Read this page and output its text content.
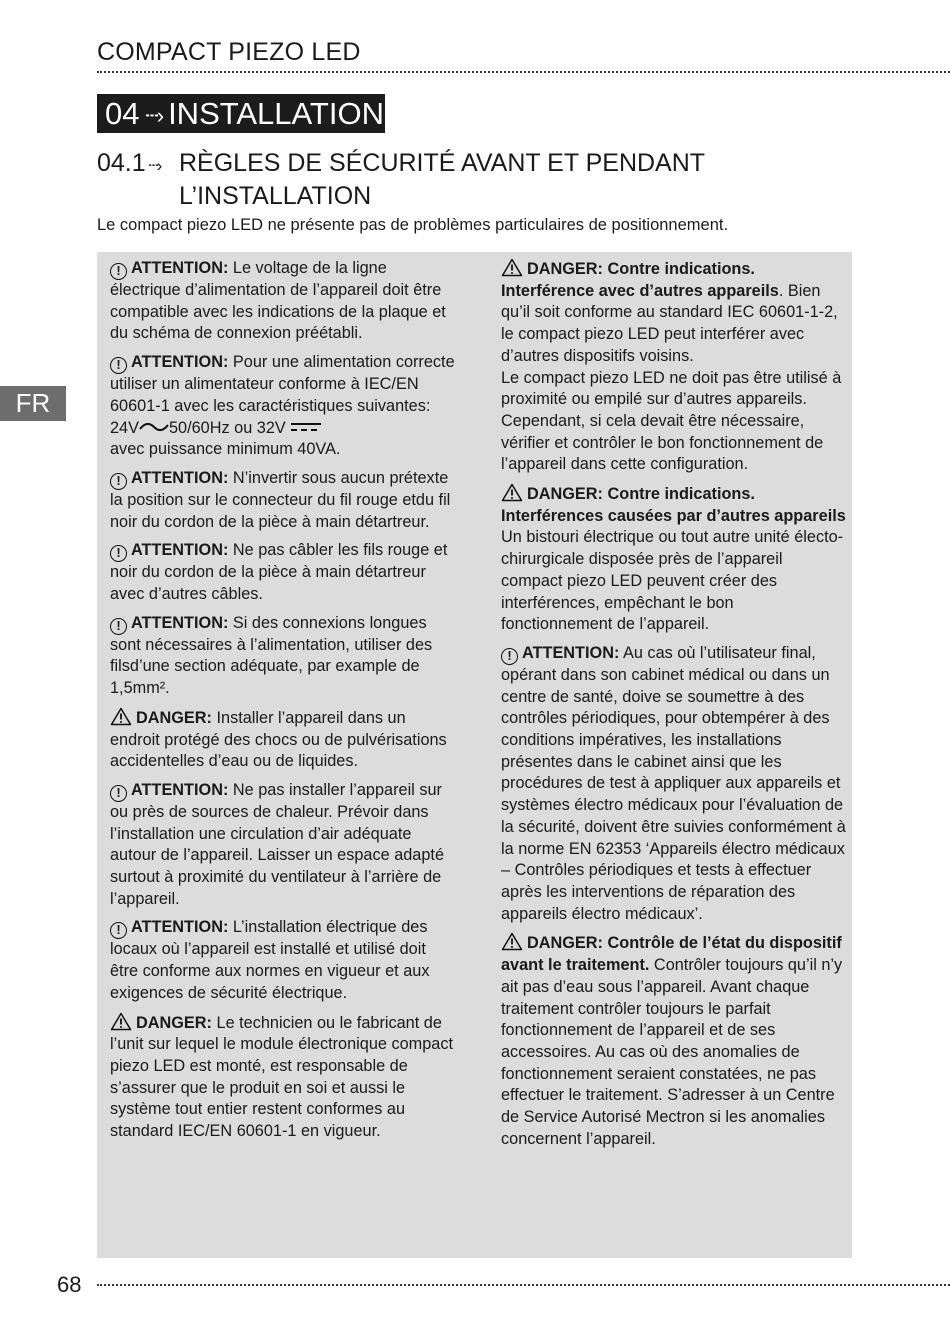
COMPACT PIEZO LED
04 ┄› INSTALLATION
04.1 ┄› RÈGLES DE SÉCURITÉ AVANT ET PENDANT
L’INSTALLATION
Le compact piezo LED ne présente pas de problèmes particulaires de positionnement.

! ATTENTION: Le voltage de la ligne électrique d’alimentation de l’appareil doit être compatible avec les indications de la plaque et du schéma de connexion préétabli.

! ATTENTION: Pour une alimentation correcte utiliser un alimentateur conforme à IEC/EN 60601-1 avec les caractéristiques suivantes:

24V 50/60Hz ou 32V

avec puissance minimum 40VA.

! ATTENTION: N’invertir sous aucun prétexte la position sur le connecteur du fil rouge etdu fil noir du cordon de la pièce à main détartreur.

! ATTENTION: Ne pas câbler les fils rouge et noir du cordon de la pièce à main détartreur avec d’autres câbles.

! ATTENTION: Si des connexions longues sont nécessaires à l’alimentation, utiliser des filsd’une section adéquate, par example de 1,5mm².

DANGER: Installer l’appareil dans un endroit protégé des chocs ou de pulvérisations accidentelles d’eau ou de liquides.

! ATTENTION: Ne pas installer l’appareil sur ou près de sources de chaleur. Prévoir dans l’installation une circulation d’air adéquate autour de l’appareil. Laisser un espace adapté surtout à proximité du ventilateur à l’arrière de l’appareil.

! ATTENTION: L’installation électrique des locaux où l’appareil est installé et utilisé doit être conforme aux normes en vigueur et aux exigences de sécurité électrique.

DANGER: Le technicien ou le fabricant de l’unit sur lequel le module électronique compact piezo LED est monté, est responsable de s’assurer que le produit en soi et aussi le système tout entier restent conformes au standard IEC/EN 60601-1 en vigueur.

DANGER: Contre indications. Interférence avec d’autres appareils. Bien qu’il soit conforme au standard IEC 60601-1-2, le compact piezo LED peut interférer avec d’autres dispositifs voisins.

Le compact piezo LED ne doit pas être utilisé à proximité ou empilé sur d’autres appareils. Cependant, si cela devait être nécessaire, vérifier et contrôler le bon fonctionnement de l’appareil dans cette configuration.

DANGER: Contre indications. Interférences causées par d’autres appareils Un bistouri électrique ou tout autre unité électo-chirurgicale disposée près de l’appareil compact piezo LED peuvent créer des interférences, empêchant le bon fonctionnement de l’appareil.

! ATTENTION: Au cas où l’utilisateur final, opérant dans son cabinet médical ou dans un centre de santé, doive se soumettre à des contrôles périodiques, pour obtempérer à des conditions impératives, les installations présentes dans le cabinet ainsi que les procédures de test à appliquer aux appareils et systèmes électro médicaux pour l’évaluation de la sécurité, doivent être suivies conformément à la norme EN 62353 ‘Appareils électro médicaux – Contrôles périodiques et tests à effectuer après les interventions de réparation des appareils électro médicaux’.

DANGER: Contrôle de l’état du dispositif avant le traitement. Contrôler toujours qu’il n’y ait pas d’eau sous l’appareil. Avant chaque traitement contrôler toujours le parfait fonctionnement de l’appareil et de ses accessoires. Au cas où des anomalies de fonctionnement seraient constatées, ne pas effectuer le traitement. S’adresser à un Centre de Service Autorisé Mectron si les anomalies concernent l’appareil.

FR
68
